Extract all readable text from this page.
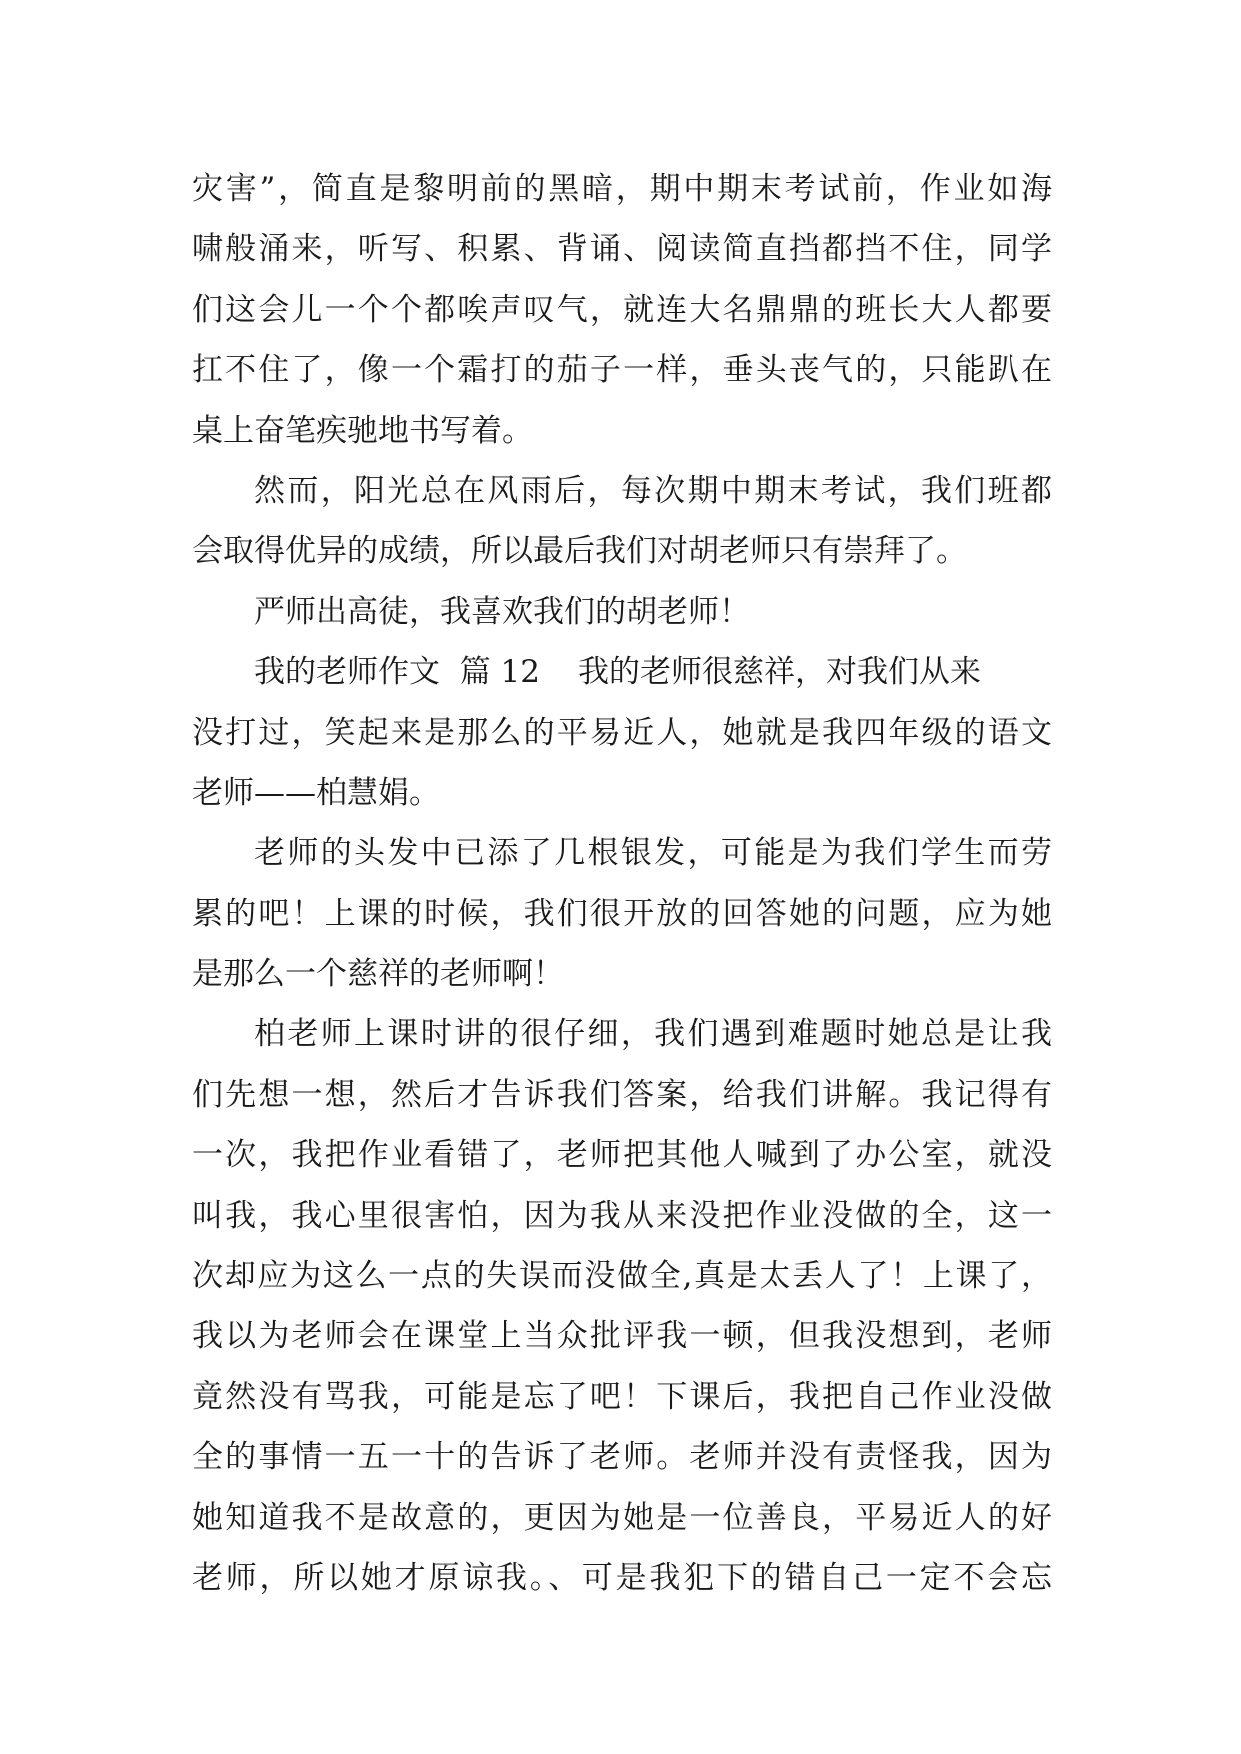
灾害”，简直是黎明前的黑暗，期中期末考试前，作业如海
啸般涌来，听写、积累、背诵、阅读简直挡都挡不住，同学
们这会儿一个个都唉声叹气，就连大名鼎鼎的班长大人都要
扛不住了，像一个霜打的茄子一样，垂头丧气的，只能趴在
桌上奋笔疾驰地书写着。
然而，阳光总在风雨后，每次期中期末考试，我们班都
会取得优异的成绩，所以最后我们对胡老师只有崇拜了。
严师出高徒，我喜欢我们的胡老师！
我的老师作文  篇 12 我的老师很慈祥，对我们从来
没打过，笑起来是那么的平易近人，她就是我四年级的语文
老师——柏慧娟。
老师的头发中已添了几根银发，可能是为我们学生而劳
累的吧！上课的时候，我们很开放的回答她的问题，应为她
是那么一个慈祥的老师啊！
柏老师上课时讲的很仔细，我们遇到难题时她总是让我
们先想一想，然后才告诉我们答案，给我们讲解。我记得有
一次，我把作业看错了，老师把其他人喊到了办公室，就没
叫我，我心里很害怕，因为我从来没把作业没做的全，这一
次却应为这么一点的失误而没做全,真是太丢人了！上课了，
我以为老师会在课堂上当众批评我一顿，但我没想到，老师
竟然没有骂我，可能是忘了吧！下课后，我把自己作业没做
全的事情一五一十的告诉了老师。老师并没有责怪我，因为
她知道我不是故意的，更因为她是一位善良，平易近人的好
老师，所以她才原谅我。、可是我犯下的错自己一定不会忘
